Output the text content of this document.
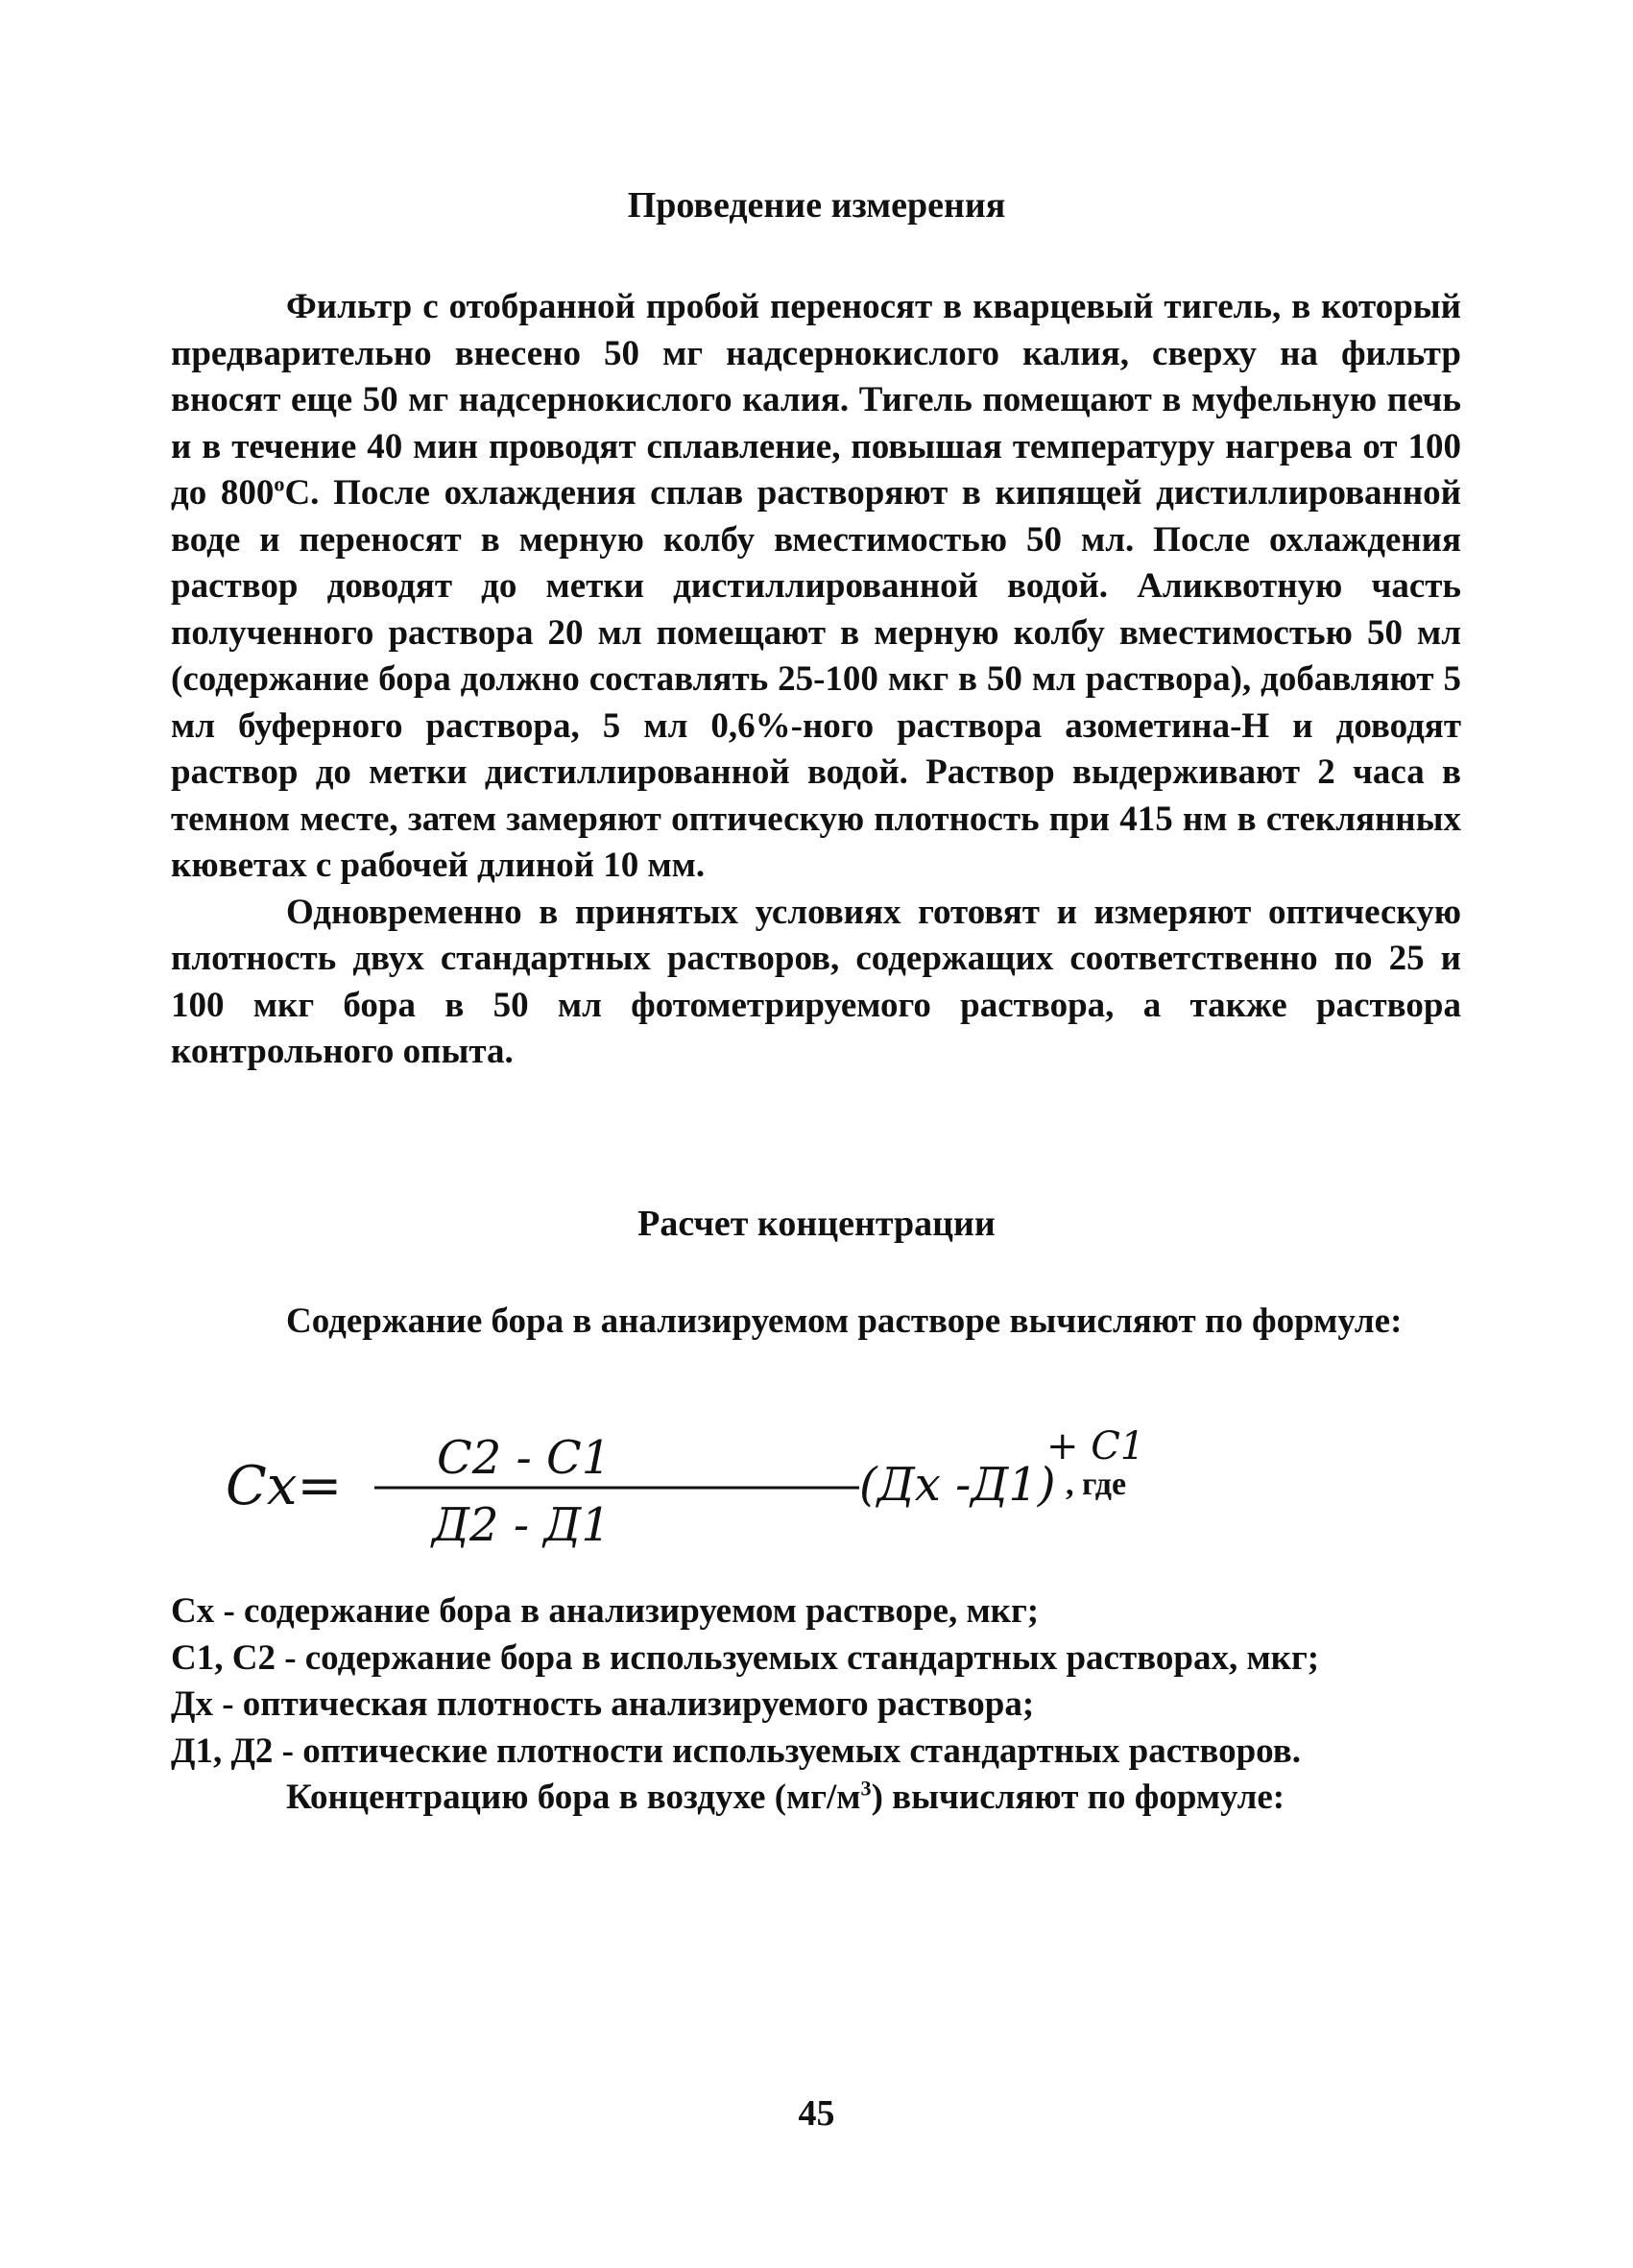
Проведение измерения

Фильтр с отобранной пробой переносят в кварцевый тигель, в который предварительно внесено 50 мг надсернокислого калия, сверху на фильтр вносят еще 50 мг надсернокислого калия. Тигель помещают в муфельную печь и в течение 40 мин проводят сплавление, повышая температуру нагрева от 100 до $800^оС$. После охлаждения сплав растворяют в кипящей дистиллированной воде и переносят в мерную колбу вместимостью 50 мл. После охлаждения раствор доводят до метки дистиллированной водой. Аликвотную часть полученного раствора 20 мл помещают в мерную колбу вместимостью 50 мл (содержание бора должно составлять 25-100 мкг в 50 мл раствора), добавляют 5 мл буферного раствора, 5 мл 0,6%-ного раствора азометина-Н и доводят раствор до метки дистиллированной водой. Раствор выдерживают 2 часа в темном месте, затем замеряют оптическую плотность при 415 нм в стеклянных кюветах с рабочей длиной 10 мм.

Одновременно в принятых условиях готовят и измеряют оптическую плотность двух стандартных растворов, содержащих соответственно по 25 и 100 мкг бора в 50 мл фотометрируемого раствора, а также раствора контрольного опыта.

Расчет концентрации

Содержание бора в анализируемом растворе вычисляют по формуле:

Cx= C2 - C1
Д2 - Д1
(Дx -Д1)
+ C1
, где

Cx - содержание бора в анализируемом растворе, мкг;

C1, C2 - содержание бора в используемых стандартных растворах, мкг;

Дx - оптическая плотность анализируемого раствора;

Д1, Д2 - оптические плотности используемых стандартных растворов.

Концентрацию бора в воздухе $(мг/м^3)$ вычисляют по формуле:

45
